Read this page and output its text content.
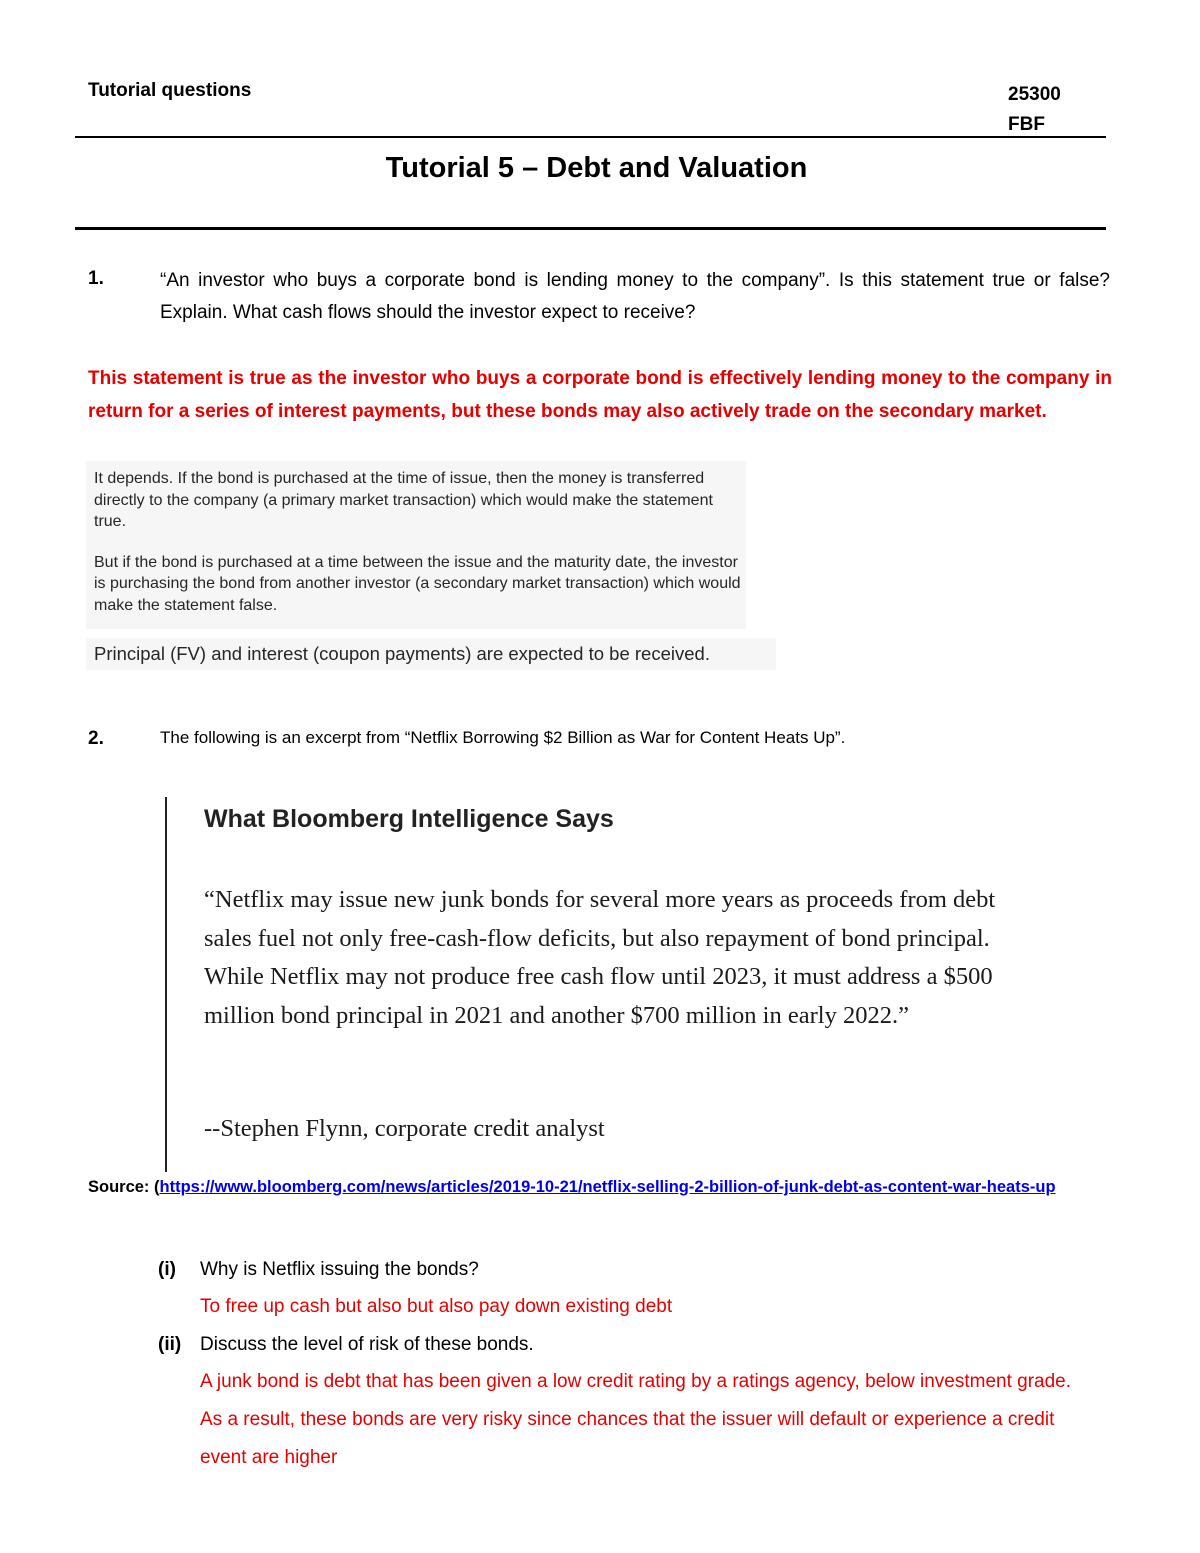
Tutorial questions	25300
FBF
Tutorial 5 – Debt and Valuation
1.	“An investor who buys a corporate bond is lending money to the company”. Is this statement true or false? Explain. What cash flows should the investor expect to receive?
This statement is true as the investor who buys a corporate bond is effectively lending money to the company in return for a series of interest payments, but these bonds may also actively trade on the secondary market.

It depends. If the bond is purchased at the time of issue, then the money is transferred directly to the company (a primary market transaction) which would make the statement true.

But if the bond is purchased at a time between the issue and the maturity date, the investor is purchasing the bond from another investor (a secondary market transaction) which would make the statement false.

Principal (FV) and interest (coupon payments) are expected to be received.

2.	The following is an excerpt from “Netflix Borrowing $2 Billion as War for Content Heats Up”.
What Bloomberg Intelligence Says

“Netflix may issue new junk bonds for several more years as proceeds from debt sales fuel not only free-cash-flow deficits, but also repayment of bond principal. While Netflix may not produce free cash flow until 2023, it must address a $500 million bond principal in 2021 and another $700 million in early 2022.”

--Stephen Flynn, corporate credit analyst
Source: (https://www.bloomberg.com/news/articles/2019-10-21/netflix-selling-2-billion-of-junk-debt-as-content-war-heats-up
(i) Why is Netflix issuing the bonds?
To free up cash but also but also pay down existing debt
(ii) Discuss the level of risk of these bonds.
A junk bond is debt that has been given a low credit rating by a ratings agency, below investment grade. As a result, these bonds are very risky since chances that the issuer will default or experience a credit event are higher
